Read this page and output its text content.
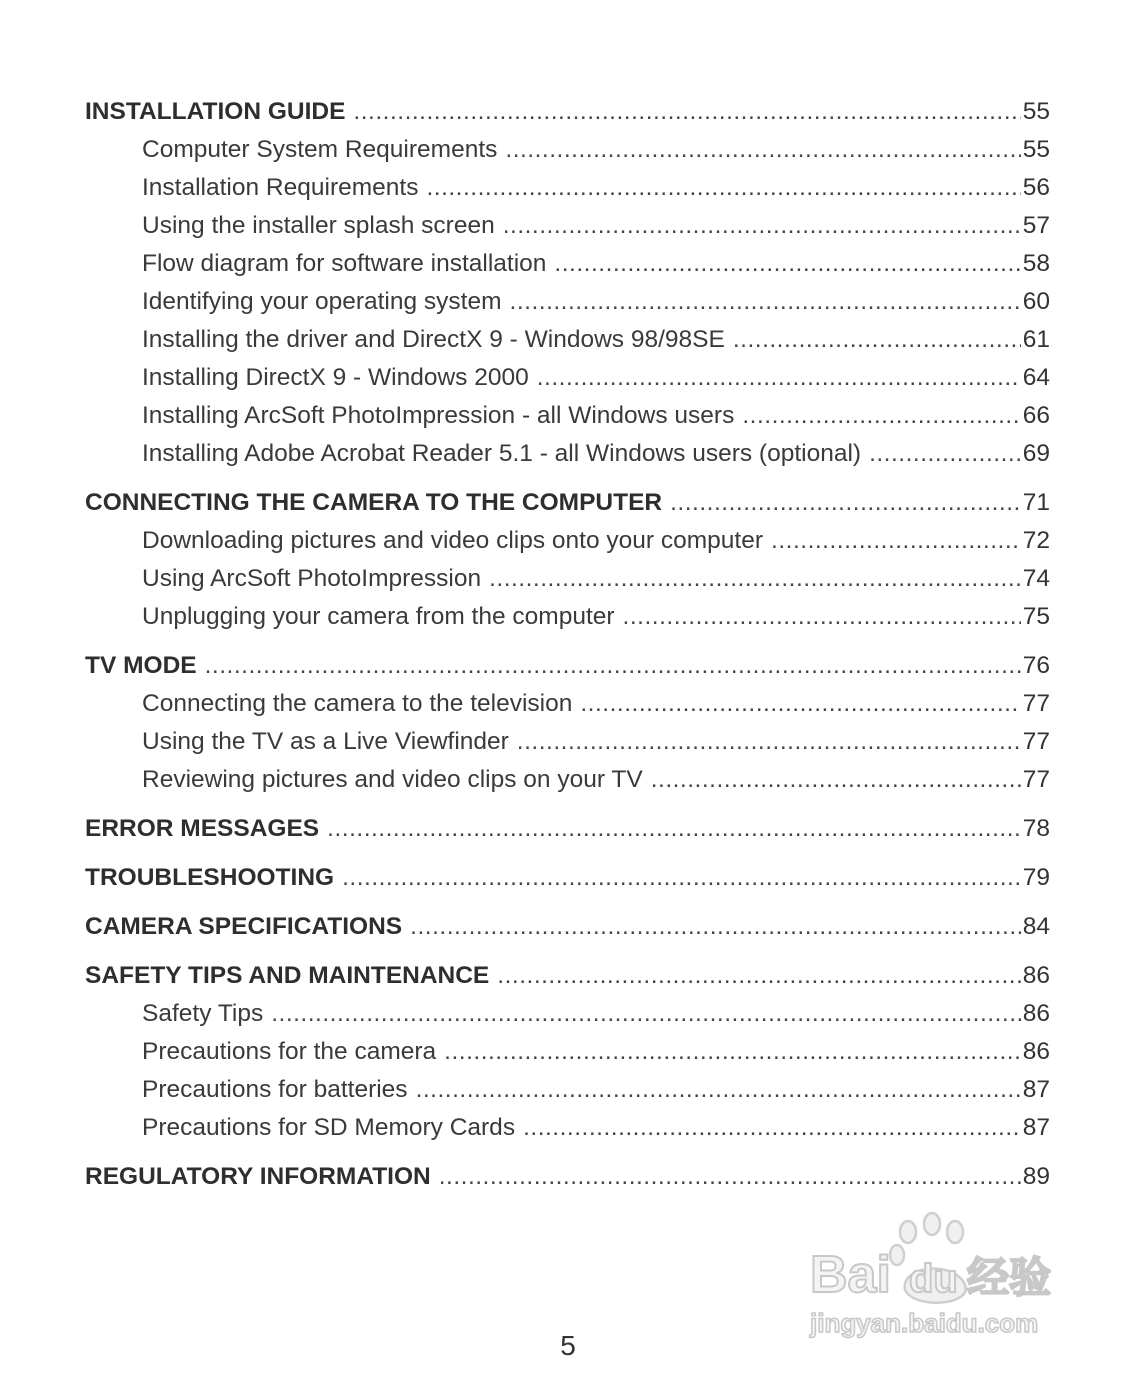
INSTALLATION GUIDE .....	55
Computer System Requirements .....	55
Installation Requirements .....	56
Using the installer splash screen .....	57
Flow diagram for software installation .....	58
Identifying your operating system .....	60
Installing the driver and DirectX 9 - Windows 98/98SE .....	61
Installing DirectX 9 - Windows 2000 .....	64
Installing ArcSoft PhotoImpression - all Windows users .....	66
Installing Adobe Acrobat Reader 5.1 - all Windows users (optional) .....	69
CONNECTING THE CAMERA TO THE COMPUTER .....	71
Downloading pictures and video clips onto your computer .....	72
Using ArcSoft PhotoImpression .....	74
Unplugging your camera from the computer .....	75
TV MODE .....	76
Connecting the camera to the television .....	77
Using the TV as a Live Viewfinder .....	77
Reviewing pictures and video clips on your TV .....	77
ERROR MESSAGES .....	78
TROUBLESHOOTING .....	79
CAMERA SPECIFICATIONS .....	84
SAFETY TIPS AND MAINTENANCE .....	86
Safety Tips .....	86
Precautions for the camera .....	86
Precautions for batteries .....	87
Precautions for SD Memory Cards .....	87
REGULATORY INFORMATION .....	89
5
Bai du 经验
jingyan.baidu.com
